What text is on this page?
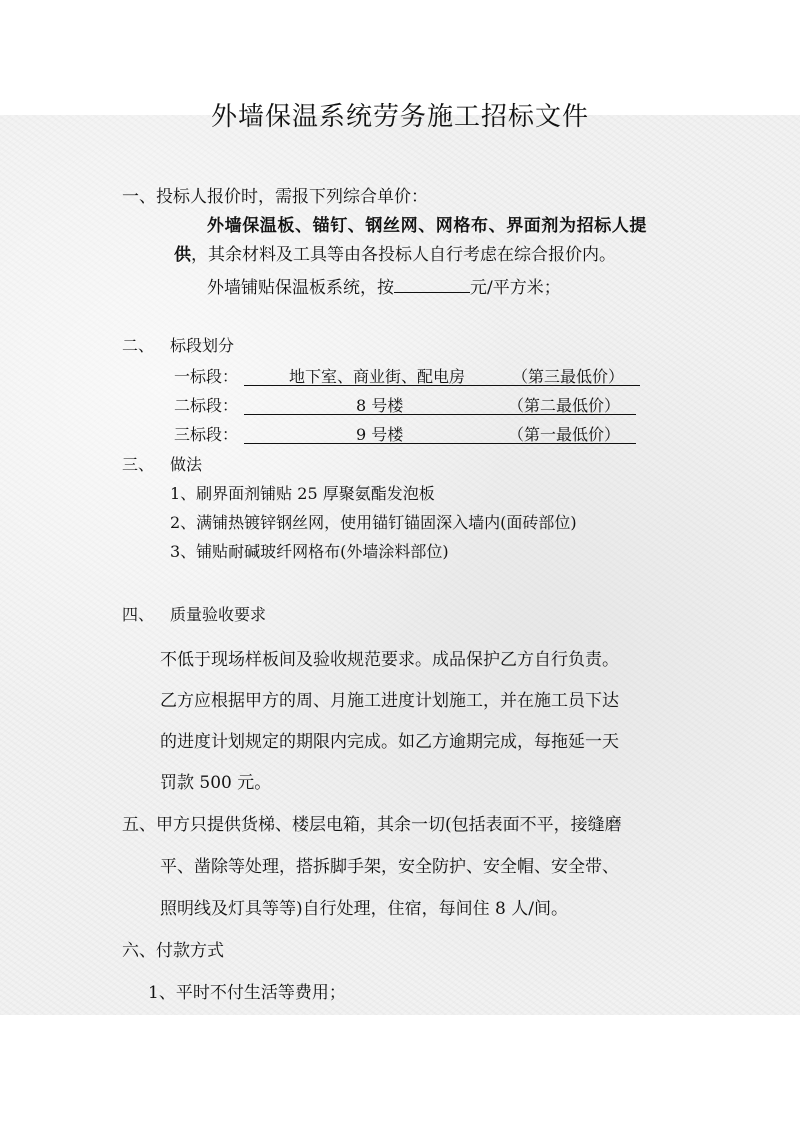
外墙保温系统劳务施工招标文件
一、投标人报价时，需报下列综合单价：
外墙保温板、锚钉、钢丝网、网格布、界面剂为招标人提
供，其余材料及工具等由各投标人自行考虑在综合报价内。
外墙铺贴保温板系统，按	元/平方米；
二、 标段划分
一标段：	地下室、商业街、配电房	（第三最低价）
二标段：	8 号楼	（第二最低价）
三标段：	9 号楼	（第一最低价）
三、 做法
1、刷界面剂铺贴 25 厚聚氨酯发泡板
2、满铺热镀锌钢丝网，使用锚钉锚固深入墙内(面砖部位)
3、铺贴耐碱玻纤网格布(外墙涂料部位)
四、 质量验收要求
不低于现场样板间及验收规范要求。成品保护乙方自行负责。
乙方应根据甲方的周、月施工进度计划施工，并在施工员下达
的进度计划规定的期限内完成。如乙方逾期完成，每拖延一天
罚款 500 元。
五、甲方只提供货梯、楼层电箱，其余一切(包括表面不平，接缝磨
平、凿除等处理，搭拆脚手架，安全防护、安全帽、安全带、
照明线及灯具等等)自行处理，住宿，每间住 8 人/间。
六、付款方式
1、平时不付生活等费用；
